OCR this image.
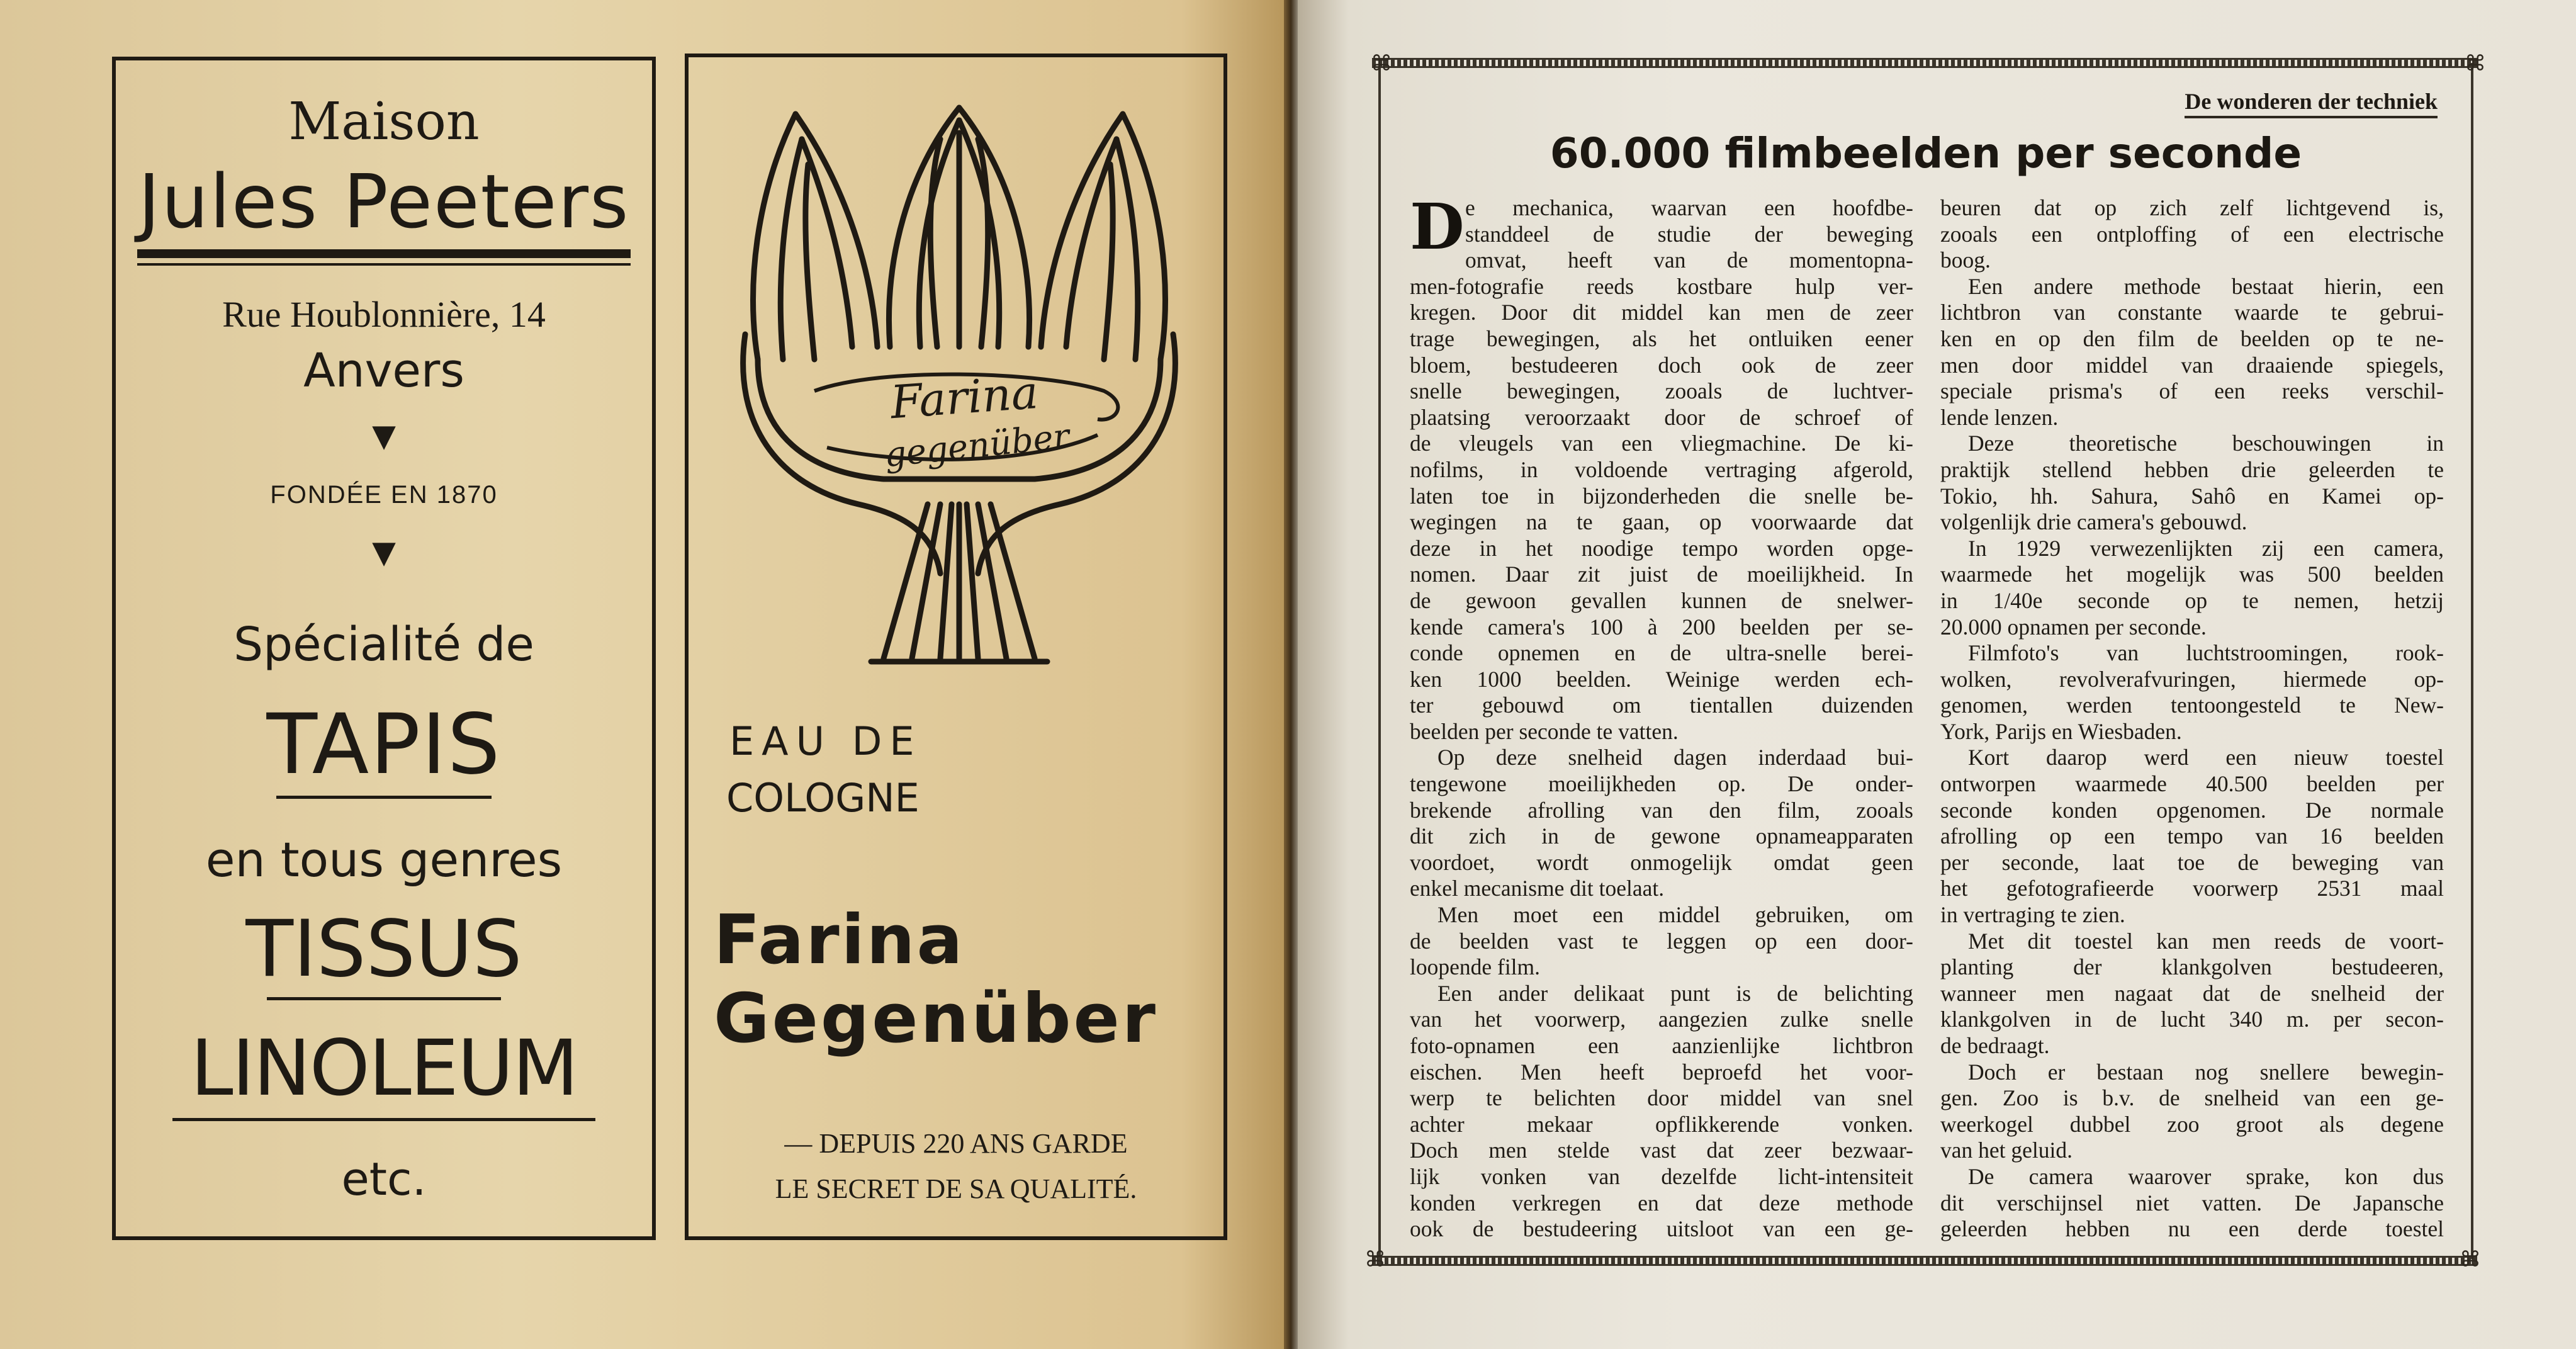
Maison
Jules Peeters
Rue Houblonnière, 14
Anvers
▼
FONDÉE EN 1870
▼
Spécialité de
TAPIS
en tous genres
TISSUS
LINOLEUM
etc.
Farina
gegenüber
EAU DE
COLOGNE
Farina
Gegenüber
— DEPUIS 220 ANS GARDE
LE SECRET DE SA QUALITÉ.
⌘	⌘
⌘	⌘
De wonderen der techniek
60.000 filmbeelden per seconde
D e mechanica, waarvan een hoofdbe-
standdeel de studie der beweging
omvat, heeft van de momentopna-
men-fotografie reeds kostbare hulp ver-
kregen. Door dit middel kan men de zeer
trage bewegingen, als het ontluiken eener
bloem, bestudeeren doch ook de zeer
snelle bewegingen, zooals de luchtver-
plaatsing veroorzaakt door de schroef of
de vleugels van een vliegmachine. De ki-
nofilms, in voldoende vertraging afgerold,
laten toe in bijzonderheden die snelle be-
wegingen na te gaan, op voorwaarde dat
deze in het noodige tempo worden opge-
nomen. Daar zit juist de moeilijkheid. In
de gewoon gevallen kunnen de snelwer-
kende camera's 100 à 200 beelden per se-
conde opnemen en de ultra-snelle berei-
ken 1000 beelden. Weinige werden ech-
ter gebouwd om tientallen duizenden
beelden per seconde te vatten.
Op deze snelheid dagen inderdaad bui-
tengewone moeilijkheden op. De onder-
brekende afrolling van den film, zooals
dit zich in de gewone opnameapparaten
voordoet, wordt onmogelijk omdat geen
enkel mecanisme dit toelaat.
Men moet een middel gebruiken, om
de beelden vast te leggen op een door-
loopende film.
Een ander delikaat punt is de belichting
van het voorwerp, aangezien zulke snelle
foto-opnamen een aanzienlijke lichtbron
eischen. Men heeft beproefd het voor-
werp te belichten door middel van snel
achter mekaar opflikkerende vonken.
Doch men stelde vast dat zeer bezwaar-
lijk vonken van dezelfde licht-intensiteit
konden verkregen en dat deze methode
ook de bestudeering uitsloot van een ge-
beuren dat op zich zelf lichtgevend is,
zooals een ontploffing of een electrische
boog.
Een andere methode bestaat hierin, een
lichtbron van constante waarde te gebrui-
ken en op den film de beelden op te ne-
men door middel van draaiende spiegels,
speciale prisma's of een reeks verschil-
lende lenzen.
Deze theoretische beschouwingen in
praktijk stellend hebben drie geleerden te
Tokio, hh. Sahura, Sahô en Kamei op-
volgenlijk drie camera's gebouwd.
In 1929 verwezenlijkten zij een camera,
waarmede het mogelijk was 500 beelden
in 1/40e seconde op te nemen, hetzij
20.000 opnamen per seconde.
Filmfoto's van luchtstroomingen, rook-
wolken, revolverafvuringen, hiermede op-
genomen, werden tentoongesteld te New-
York, Parijs en Wiesbaden.
Kort daarop werd een nieuw toestel
ontworpen waarmede 40.500 beelden per
seconde konden opgenomen. De normale
afrolling op een tempo van 16 beelden
per seconde, laat toe de beweging van
het gefotografieerde voorwerp 2531 maal
in vertraging te zien.
Met dit toestel kan men reeds de voort-
planting der klankgolven bestudeeren,
wanneer men nagaat dat de snelheid der
klankgolven in de lucht 340 m. per secon-
de bedraagt.
Doch er bestaan nog snellere bewegin-
gen. Zoo is b.v. de snelheid van een ge-
weerkogel dubbel zoo groot als degene
van het geluid.
De camera waarover sprake, kon dus
dit verschijnsel niet vatten. De Japansche
geleerden hebben nu een derde toestel
